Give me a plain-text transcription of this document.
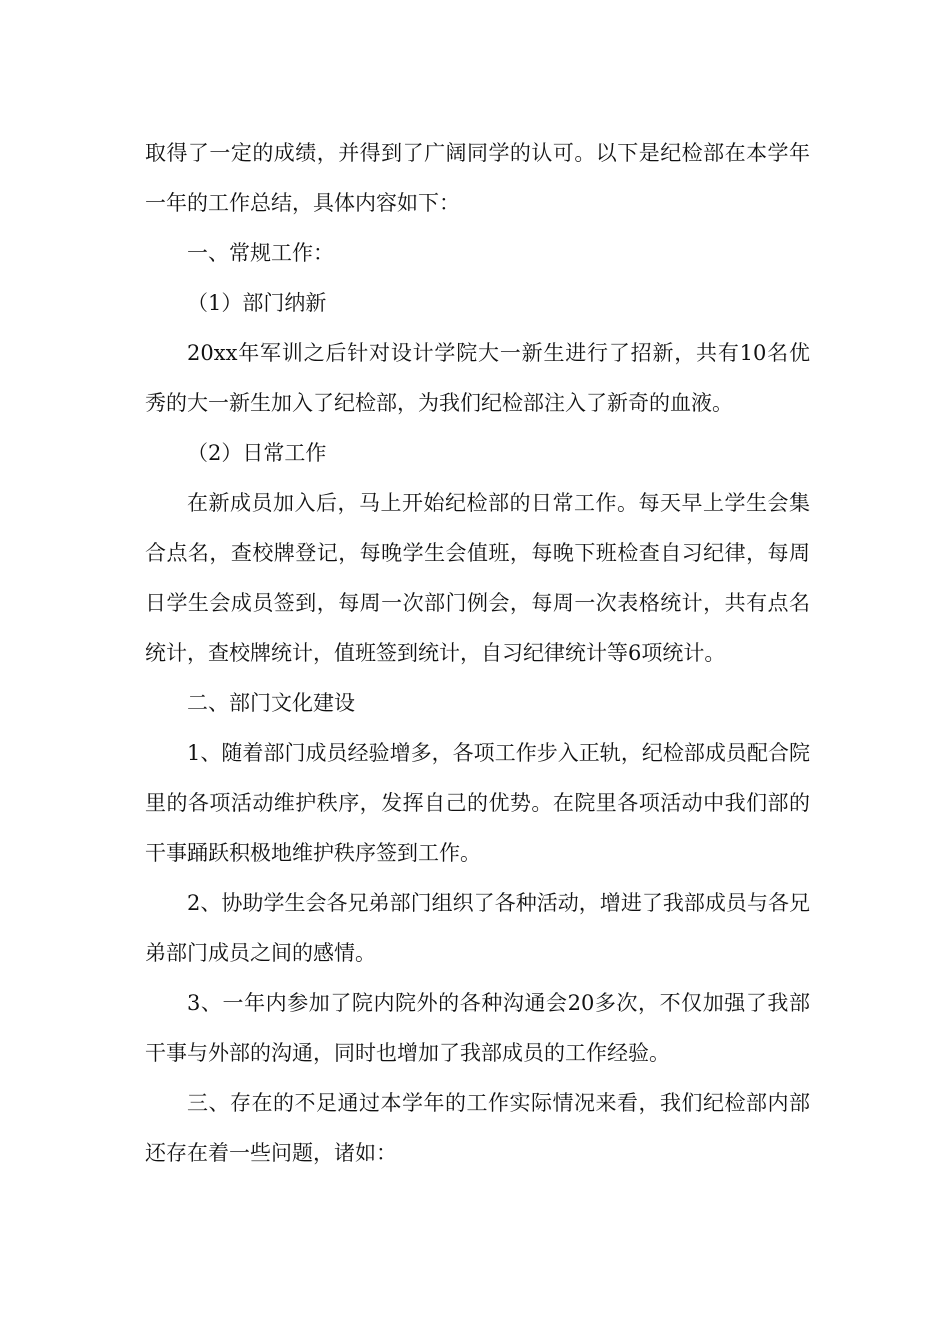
取得了一定的成绩，并得到了广阔同学的认可。以下是纪检部在本学年一年的工作总结，具体内容如下：

一、常规工作：

（1）部门纳新

20xx年军训之后针对设计学院大一新生进行了招新，共有10名优秀的大一新生加入了纪检部，为我们纪检部注入了新奇的血液。

（2）日常工作

在新成员加入后，马上开始纪检部的日常工作。每天早上学生会集合点名，查校牌登记，每晚学生会值班，每晚下班检查自习纪律，每周日学生会成员签到，每周一次部门例会，每周一次表格统计，共有点名统计，查校牌统计，值班签到统计，自习纪律统计等6项统计。

二、部门文化建设

1、随着部门成员经验增多，各项工作步入正轨，纪检部成员配合院里的各项活动维护秩序，发挥自己的优势。在院里各项活动中我们部的干事踊跃积极地维护秩序签到工作。

2、协助学生会各兄弟部门组织了各种活动，增进了我部成员与各兄弟部门成员之间的感情。

3、一年内参加了院内院外的各种沟通会20多次，不仅加强了我部干事与外部的沟通，同时也增加了我部成员的工作经验。

三、存在的不足通过本学年的工作实际情况来看，我们纪检部内部还存在着一些问题，诸如：
